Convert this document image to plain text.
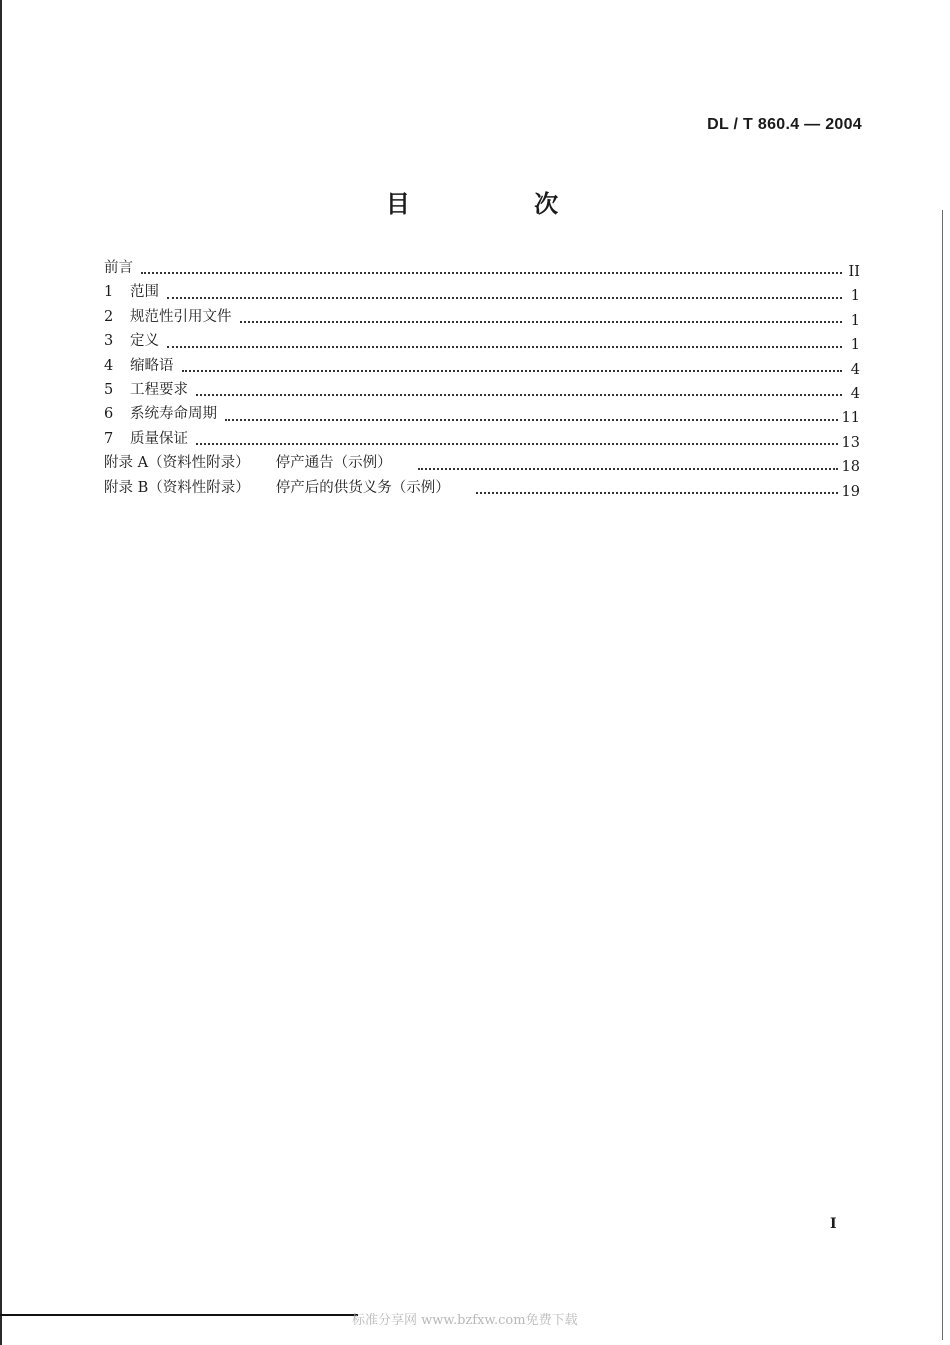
DL / T 860.4 — 2004
目 次
前言	II
1	范围	1
2	规范性引用文件	1
3	定义	1
4	缩略语	4
5	工程要求	4
6	系统寿命周期	11
7	质量保证	13
附录 A（资料性附录） 停产通告（示例）	18
附录 B（资料性附录） 停产后的供货义务（示例）	19
I
标准分享网 www.bzfxw.com免费下载
